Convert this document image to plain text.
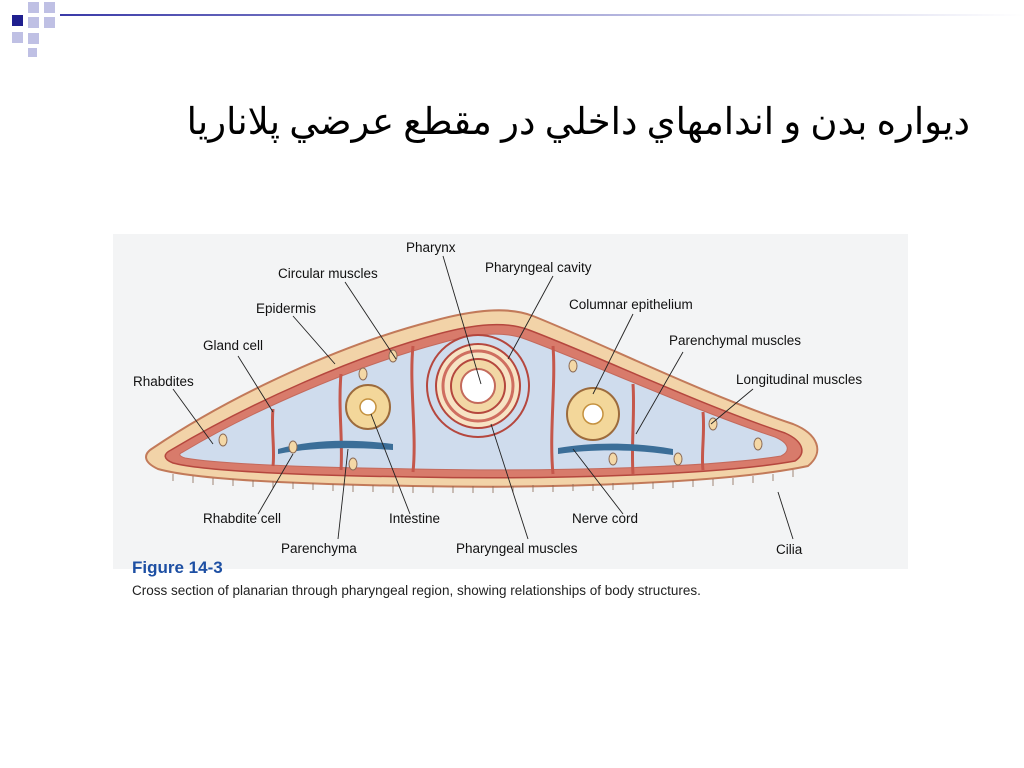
ديواره بدن و اندامهاي داخلي در مقطع عرضي پلاناريا
Pharynx
Pharyngeal cavity
Circular muscles
Columnar epithelium
Epidermis
Parenchymal muscles
Gland cell
Longitudinal muscles
Rhabdites
Rhabdite cell	Intestine	Nerve cord
Parenchyma	Pharyngeal muscles	Cilia
Figure 14-3
Cross section of planarian through pharyngeal region, showing relationships of body structures.
